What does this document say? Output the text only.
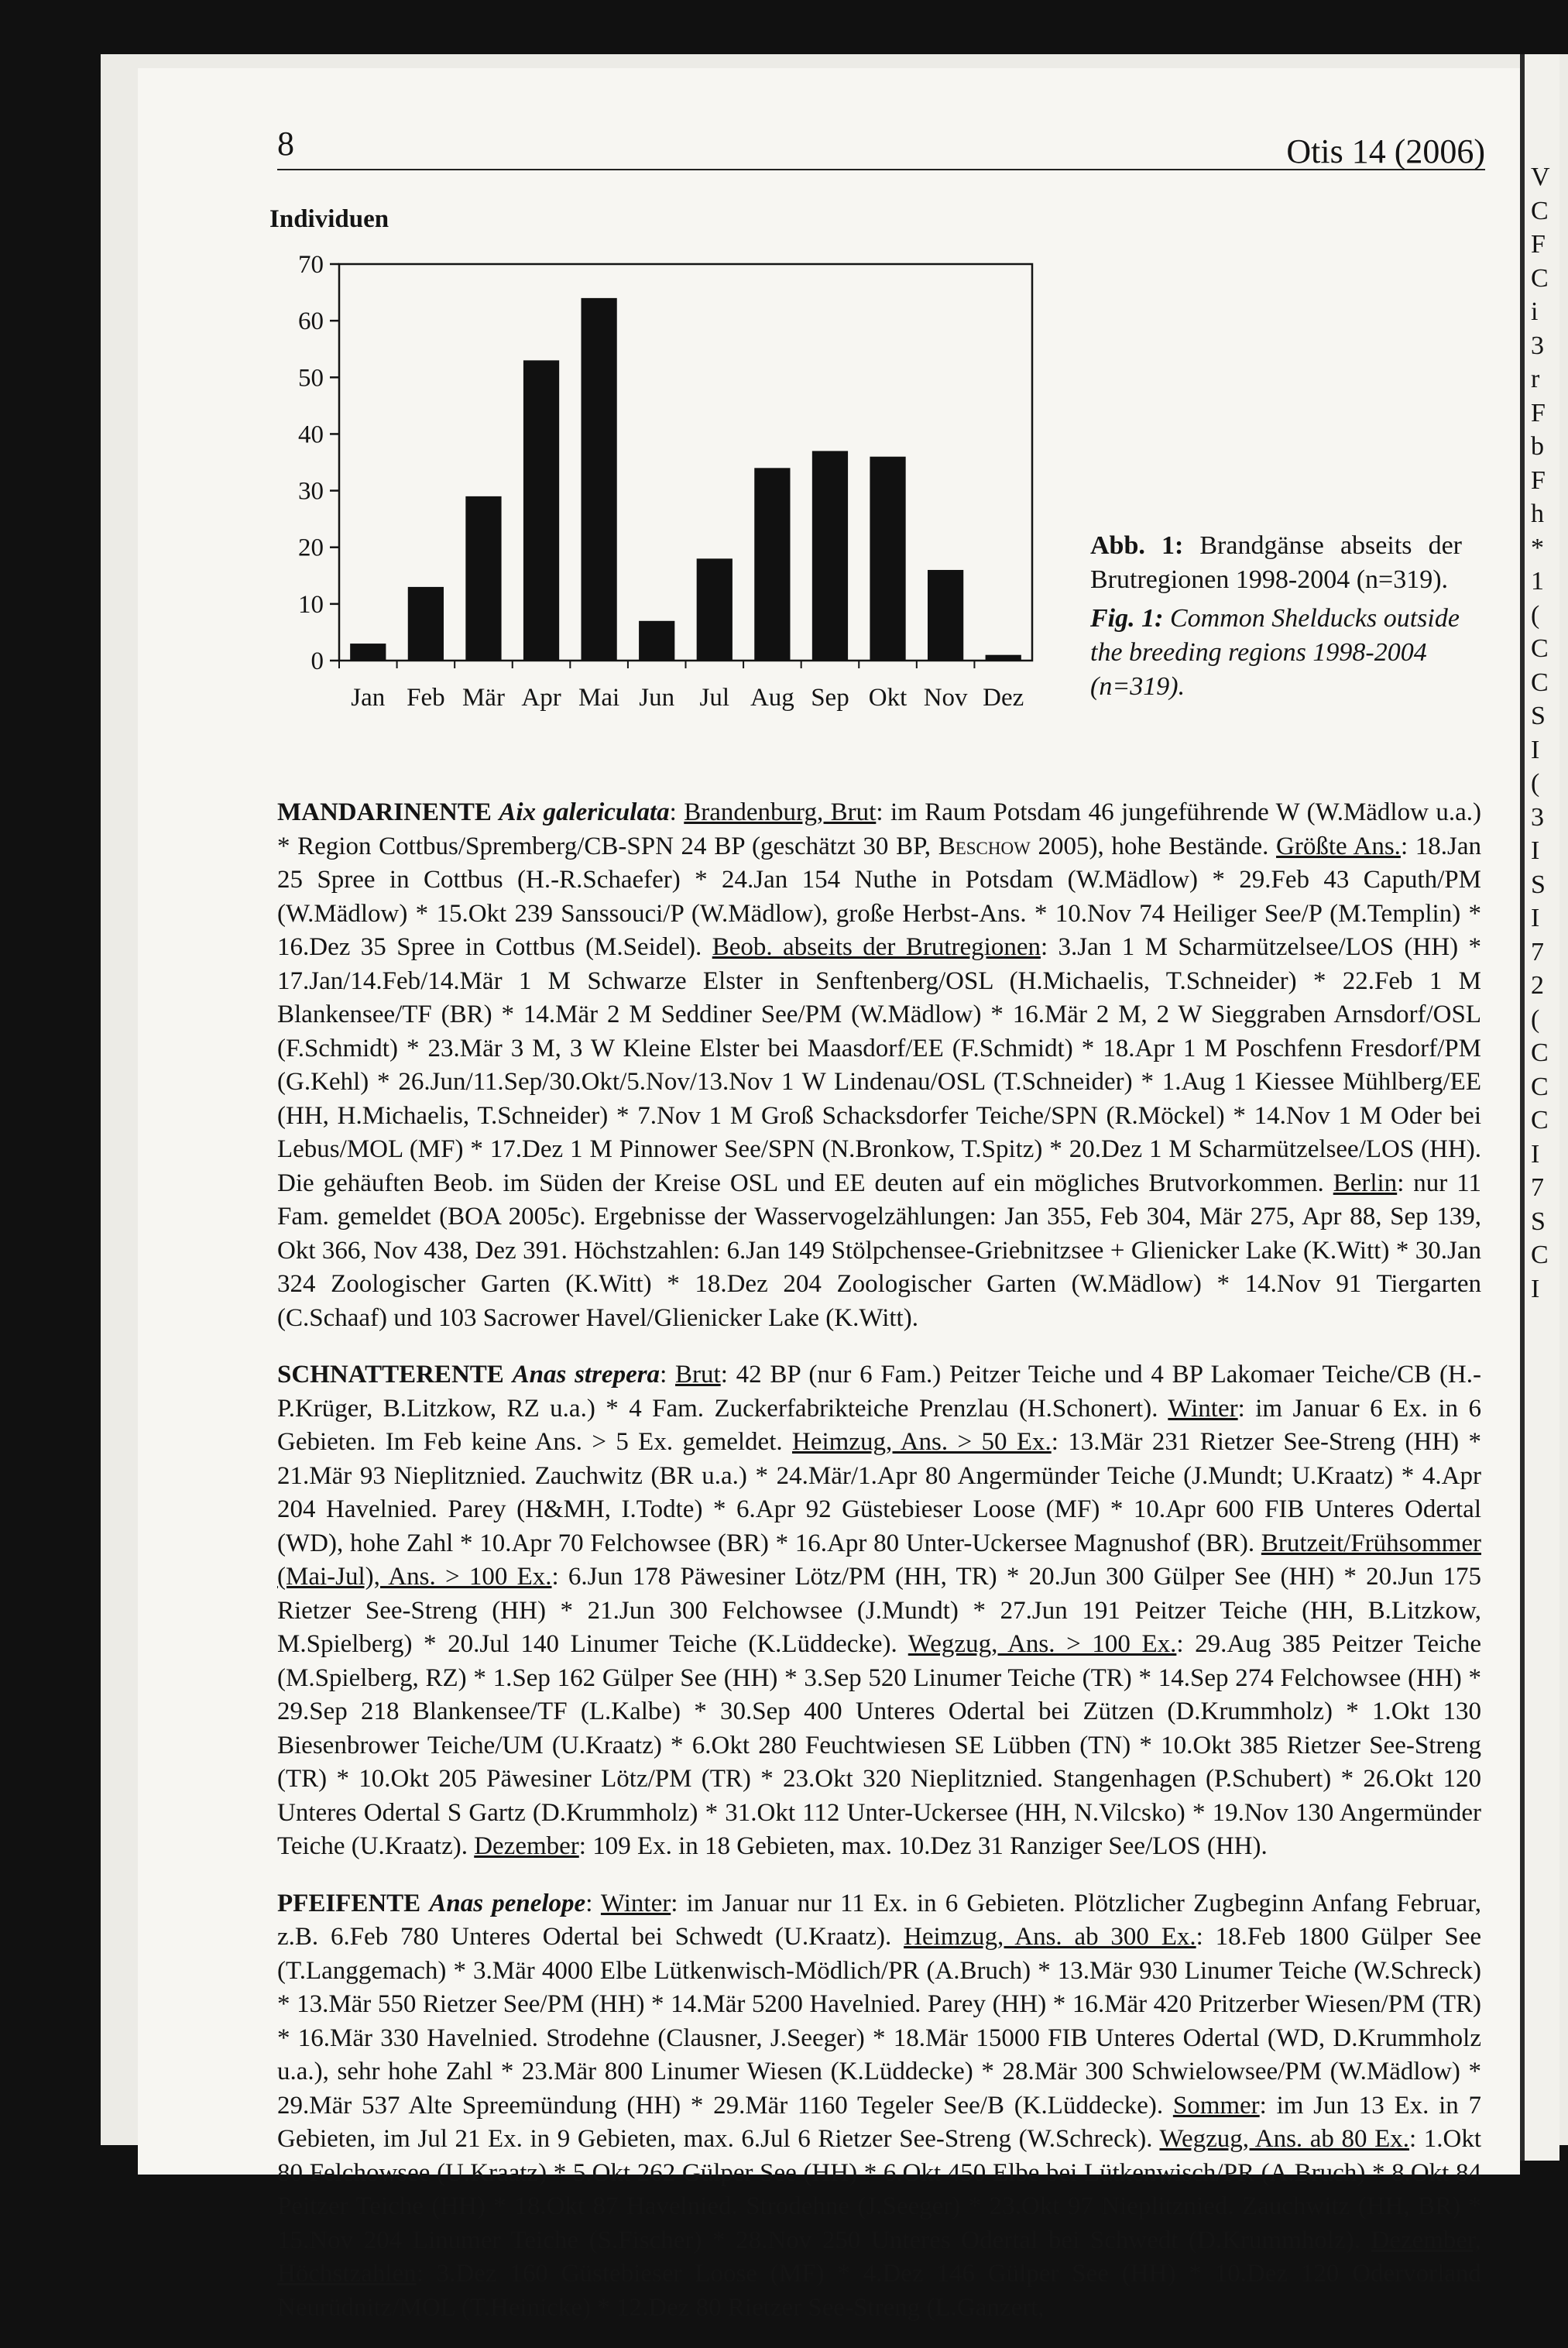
V
C
F
C
i
3
r
F
b
F
h
*
1
(
C
C
S
I
(
3
I
S
I
7
2
(
C
C
C
I
7
S
C
I
8	Otis 14 (2006)
Individuen
0
10
20
30
40
50
60
70
Jan Feb Mär Apr Mai Jun Jul Aug Sep Okt Nov Dez
Abb. 1: Brandgänse abseits der Brutregionen 1998-2004 (n=319).
Fig. 1: Common Shelducks outside the breeding regions 1998-2004 (n=319).

MANDARINENTE Aix galericulata: Brandenburg, Brut: im Raum Potsdam 46 jungeführende W (W.Mädlow u.a.) * Region Cottbus/Spremberg/CB-SPN 24 BP (geschätzt 30 BP, Beschow 2005), hohe Bestände. Größte Ans.: 18.Jan 25 Spree in Cottbus (H.-R.Schaefer) * 24.Jan 154 Nuthe in Potsdam (W.Mädlow) * 29.Feb 43 Caputh/PM (W.Mädlow) * 15.Okt 239 Sanssouci/P (W.Mädlow), große Herbst-Ans. * 10.Nov 74 Heiliger See/P (M.Templin) * 16.Dez 35 Spree in Cottbus (M.Seidel). Beob. abseits der Brutregionen: 3.Jan 1 M Scharmützelsee/LOS (HH) * 17.Jan/14.Feb/14.Mär 1 M Schwarze Elster in Senftenberg/OSL (H.Michaelis, T.Schneider) * 22.Feb 1 M Blankensee/TF (BR) * 14.Mär 2 M Seddiner See/PM (W.Mädlow) * 16.Mär 2 M, 2 W Sieggraben Arnsdorf/OSL (F.Schmidt) * 23.Mär 3 M, 3 W Kleine Elster bei Maasdorf/EE (F.Schmidt) * 18.Apr 1 M Poschfenn Fresdorf/PM (G.Kehl) * 26.Jun/11.Sep/30.Okt/5.Nov/13.Nov 1 W Lindenau/OSL (T.Schneider) * 1.Aug 1 Kiessee Mühlberg/EE (HH, H.Michaelis, T.Schneider) * 7.Nov 1 M Groß Schacksdorfer Teiche/SPN (R.Möckel) * 14.Nov 1 M Oder bei Lebus/MOL (MF) * 17.Dez 1 M Pinnower See/SPN (N.Bronkow, T.Spitz) * 20.Dez 1 M Scharmützelsee/LOS (HH). Die gehäuften Beob. im Süden der Kreise OSL und EE deuten auf ein mögliches Brutvorkommen. Berlin: nur 11 Fam. gemeldet (BOA 2005c). Ergebnisse der Wasservogelzählungen: Jan 355, Feb 304, Mär 275, Apr 88, Sep 139, Okt 366, Nov 438, Dez 391. Höchstzahlen: 6.Jan 149 Stölpchensee-Griebnitzsee + Glienicker Lake (K.Witt) * 30.Jan 324 Zoologischer Garten (K.Witt) * 18.Dez 204 Zoologischer Garten (W.Mädlow) * 14.Nov 91 Tiergarten (C.Schaaf) und 103 Sacrower Havel/Glienicker Lake (K.Witt).

SCHNATTERENTE Anas strepera: Brut: 42 BP (nur 6 Fam.) Peitzer Teiche und 4 BP Lakomaer Teiche/CB (H.-P.Krüger, B.Litzkow, RZ u.a.) * 4 Fam. Zuckerfabrikteiche Prenzlau (H.Schonert). Winter: im Januar 6 Ex. in 6 Gebieten. Im Feb keine Ans. > 5 Ex. gemeldet. Heimzug, Ans. > 50 Ex.: 13.Mär 231 Rietzer See-Streng (HH) * 21.Mär 93 Nieplitznied. Zauchwitz (BR u.a.) * 24.Mär/1.Apr 80 Angermünder Teiche (J.Mundt; U.Kraatz) * 4.Apr 204 Havelnied. Parey (H&MH, I.Todte) * 6.Apr 92 Güstebieser Loose (MF) * 10.Apr 600 FIB Unteres Odertal (WD), hohe Zahl * 10.Apr 70 Felchowsee (BR) * 16.Apr 80 Unter-Uckersee Magnushof (BR). Brutzeit/Frühsommer (Mai-Jul), Ans. > 100 Ex.: 6.Jun 178 Päwesiner Lötz/PM (HH, TR) * 20.Jun 300 Gülper See (HH) * 20.Jun 175 Rietzer See-Streng (HH) * 21.Jun 300 Felchowsee (J.Mundt) * 27.Jun 191 Peitzer Teiche (HH, B.Litzkow, M.Spielberg) * 20.Jul 140 Linumer Teiche (K.Lüddecke). Wegzug, Ans. > 100 Ex.: 29.Aug 385 Peitzer Teiche (M.Spielberg, RZ) * 1.Sep 162 Gülper See (HH) * 3.Sep 520 Linumer Teiche (TR) * 14.Sep 274 Felchowsee (HH) * 29.Sep 218 Blankensee/TF (L.Kalbe) * 30.Sep 400 Unteres Odertal bei Zützen (D.Krummholz) * 1.Okt 130 Biesenbrower Teiche/UM (U.Kraatz) * 6.Okt 280 Feuchtwiesen SE Lübben (TN) * 10.Okt 385 Rietzer See-Streng (TR) * 10.Okt 205 Päwesiner Lötz/PM (TR) * 23.Okt 320 Nieplitznied. Stangenhagen (P.Schubert) * 26.Okt 120 Unteres Odertal S Gartz (D.Krummholz) * 31.Okt 112 Unter-Uckersee (HH, N.Vilcsko) * 19.Nov 130 Angermünder Teiche (U.Kraatz). Dezember: 109 Ex. in 18 Gebieten, max. 10.Dez 31 Ranziger See/LOS (HH).

PFEIFENTE Anas penelope: Winter: im Januar nur 11 Ex. in 6 Gebieten. Plötzlicher Zugbeginn Anfang Februar, z.B. 6.Feb 780 Unteres Odertal bei Schwedt (U.Kraatz). Heimzug, Ans. ab 300 Ex.: 18.Feb 1800 Gülper See (T.Langgemach) * 3.Mär 4000 Elbe Lütkenwisch-Mödlich/PR (A.Bruch) * 13.Mär 930 Linumer Teiche (W.Schreck) * 13.Mär 550 Rietzer See/PM (HH) * 14.Mär 5200 Havelnied. Parey (HH) * 16.Mär 420 Pritzerber Wiesen/PM (TR) * 16.Mär 330 Havelnied. Strodehne (Clausner, J.Seeger) * 18.Mär 15000 FIB Unteres Odertal (WD, D.Krummholz u.a.), sehr hohe Zahl * 23.Mär 800 Linumer Wiesen (K.Lüddecke) * 28.Mär 300 Schwielowsee/PM (W.Mädlow) * 29.Mär 537 Alte Spreemündung (HH) * 29.Mär 1160 Tegeler See/B (K.Lüddecke). Sommer: im Jun 13 Ex. in 7 Gebieten, im Jul 21 Ex. in 9 Gebieten, max. 6.Jul 6 Rietzer See-Streng (W.Schreck). Wegzug, Ans. ab 80 Ex.: 1.Okt 80 Felchowsee (U.Kraatz) * 5.Okt 262 Gülper See (HH) * 6.Okt 450 Elbe bei Lütkenwisch/PR (A.Bruch) * 8.Okt 84 Peitzer Teiche (HH) * 18.Okt 87 Havelnied. Strodehne (J.Seeger) * 23.Okt 97 Nieplitznied. Zauchwitz (HH, BR) * 15.Nov 204 Linumer Teiche (S.Fischer) * 28.Nov 250 Unteres Odertal bei Schwedt (D.Krummholz). Dezember, Höchstzahlen: 3.Dez 160 Güstebieser Loose (MF) * 4.Dez 146 Gülper See (HH) * 10.Dez 120 Odervorland Neurüdnitz/MOL (T.Heinicke) * 12.Dez 80 Rietzer See-Streng (L.Ganzert,
